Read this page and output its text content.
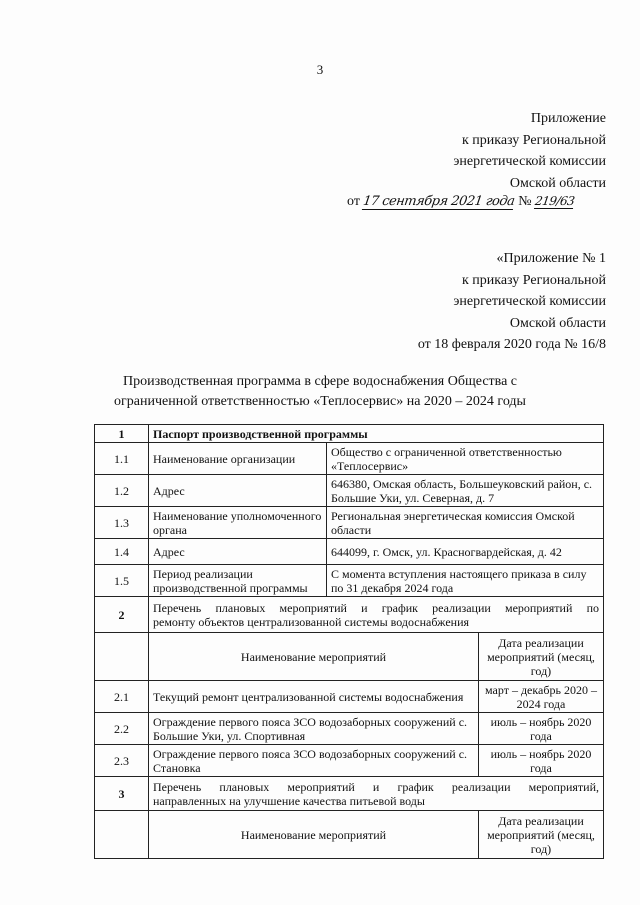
3
Приложение
к приказу Региональной
энергетической комиссии
Омской области
от 17 сентября 2021 года № 219/63
«Приложение № 1
к приказу Региональной
энергетической комиссии
Омской области
от 18 февраля 2020 года № 16/8
Производственная программа в сфере водоснабжения Общества с
ограниченной ответственностью «Теплосервис» на 2020 – 2024 годы
1	Паспорт производственной программы		
1.1	Наименование организации	Общество с ограниченной ответственностью «Теплосервис»	
1.2	Адрес	646380, Омская область, Большеуковский район, с. Большие Уки, ул. Северная, д. 7	
1.3	Наименование уполномоченного органа	Региональная энергетическая комиссия Омской области	
1.4	Адрес	644099, г. Омск, ул. Красногвардейская, д. 42	
1.5	Период реализации производственной программы	С момента вступления настоящего приказа в силу по 31 декабря 2024 года	
2	Перечень плановых мероприятий и график реализации мероприятий по
ремонту объектов централизованной системы водоснабжения		

	Наименование мероприятий		Дата реализации мероприятий (месяц, год)
2.1	Текущий ремонт централизованной системы водоснабжения		март – декабрь 2020 – 2024 года
2.2	Ограждение первого пояса ЗСО водозаборных сооружений с. Большие Уки, ул. Спортивная		июль – ноябрь 2020 года
2.3	Ограждение первого пояса ЗСО водозаборных сооружений с. Становка		июль – ноябрь 2020 года
3	Перечень плановых мероприятий и график реализации мероприятий,
направленных на улучшение качества питьевой воды		

	Наименование мероприятий		Дата реализации мероприятий (месяц, год)
